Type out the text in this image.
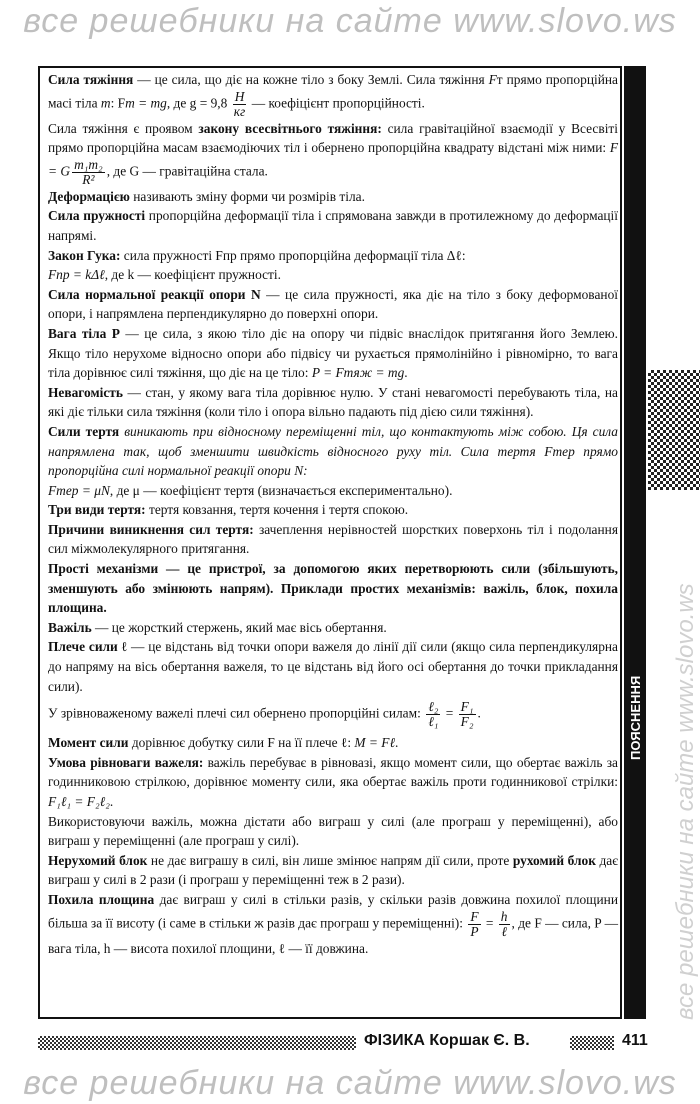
все решебники на сайте www.slovo.ws

Сила тяжіння — це сила, що діє на кожне тіло з боку Землі. Сила тяжіння Fт прямо пропорційна масі тіла m: Fт = mg, де $g = 9,8 \frac{Н}{кг}$ — коефіцієнт пропорційності.

Сила тяжіння є проявом закону всесвітнього тяжіння: сила гравітаційної взаємодії у Всесвіті прямо пропорційна масам взаємодіючих тіл і обернено пропорційна квадрату відстані між ними: F = G $\frac{\text{m₁m₂}}{\text{R²}}$ , де G — гравітаційна стала.

Деформацією називають зміну форми чи розмірів тіла.

Сила пружності пропорційна деформації тіла і спрямована завжди в протилежному до деформації напрямі.

Закон Гука: сила пружності Fпр прямо пропорційна деформації тіла Δℓ:
Fпр = kΔℓ, де k — коефіцієнт пружності.

Сила нормальної реакції опори N — це сила пружності, яка діє на тіло з боку деформованої опори, і напрямлена перпендикулярно до поверхні опори.

Вага тіла P — це сила, з якою тіло діє на опору чи підвіс внаслідок притягання його Землею. Якщо тіло нерухоме відносно опори або підвісу чи рухається прямолінійно і рівномірно, то вага тіла дорівнює силі тяжіння, що діє на це тіло: P = Fтяж = mg.

Невагомість — стан, у якому вага тіла дорівнює нулю. У стані невагомості перебувають тіла, на які діє тільки сила тяжіння (коли тіло і опора вільно падають під дією сили тяжіння).

Сили тертя виникають при відносному переміщенні тіл, що контактують між собою. Ця сила напрямлена так, щоб зменшити швидкість відносного руху тіл. Сила тертя Fтер прямо пропорційна силі нормальної реакції опори N:
Fтер = μN, де μ — коефіцієнт тертя (визначається експериментально).

Три види тертя: тертя ковзання, тертя кочення і тертя спокою.

Причини виникнення сил тертя: зачеплення нерівностей шорстких поверхонь тіл і подолання сил міжмолекулярного притягання.

Прості механізми — це пристрої, за допомогою яких перетворюють сили (збільшують, зменшують або змінюють напрям). Приклади простих механізмів: важіль, блок, похила площина.

Важіль — це жорсткий стержень, який має вісь обертання.

Плече сили ℓ — це відстань від точки опори важеля до лінії дії сили (якщо сила перпендикулярна до напряму на вісь обертання важеля, то це відстань від його осі обертання до точки прикладання сили).

У зрівноваженому важелі плечі сил обернено пропорційні силам: $\frac{\text{ℓ₂}}{\text{ℓ₁}} = \frac{\text{F₁}}{\text{F₂}}$ .

Момент сили дорівнює добутку сили F на її плече ℓ: M = Fℓ.

Умова рівноваги важеля: важіль перебуває в рівновазі, якщо момент сили, що обертає важіль за годинниковою стрілкою, дорівнює моменту сили, яка обертає важіль проти годинникової стрілки: F₁ℓ₁ = F₂ℓ₂.

Використовуючи важіль, можна дістати або виграш у силі (але програш у переміщенні), або виграш у переміщенні (але програш у силі).

Нерухомий блок не дає виграшу в силі, він лише змінює напрям дії сили, проте рухомий блок дає виграш у силі в 2 рази (і програш у переміщенні теж в 2 рази).

Похила площина дає виграш у силі в стільки разів, у скільки разів довжина похилої площини більша за її висоту (і саме в стільки ж разів дає програш у переміщенні): $\frac{F}{P} = \frac{h}{\text{ℓ}}$ , де F — сила, P — вага тіла, h — висота похилої площини, ℓ — її довжина.

ПОЯСНЕННЯ все решебники на сайте www.slovo.ws
ФІЗИКА Коршак Є. В.	411
все решебники на сайте www.slovo.ws
